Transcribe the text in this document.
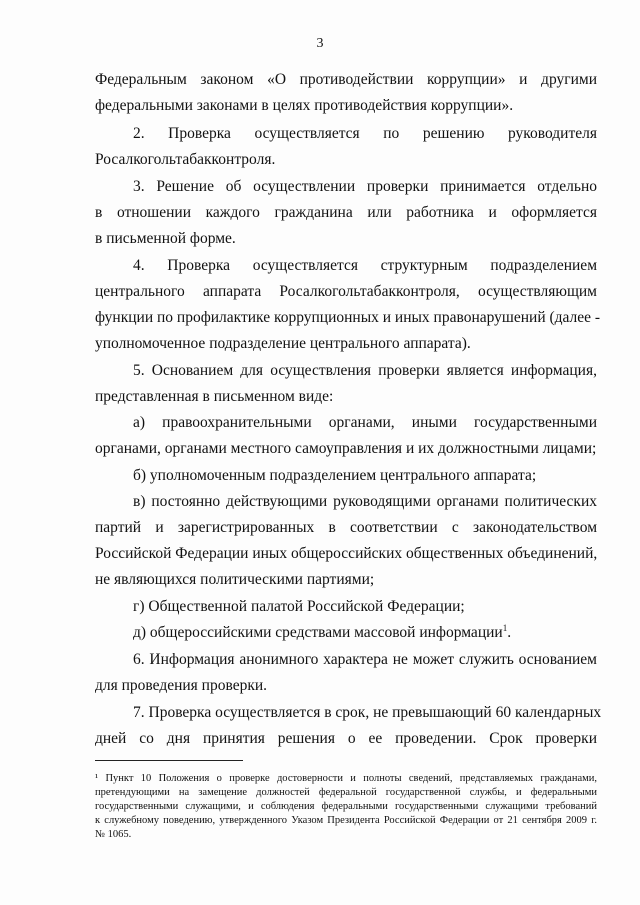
3
Федеральным законом «О противодействии коррупции» и другими
федеральными законами в целях противодействия коррупции».
2. Проверка осуществляется по решению руководителя
Росалкогольтабакконтроля.
3. Решение об осуществлении проверки принимается отдельно
в отношении каждого гражданина или работника и оформляется
в письменной форме.
4. Проверка осуществляется структурным подразделением
центрального аппарата Росалкогольтабакконтроля, осуществляющим
функции по профилактике коррупционных и иных правонарушений (далее -
уполномоченное подразделение центрального аппарата).
5. Основанием для осуществления проверки является информация,
представленная в письменном виде:
а) правоохранительными органами, иными государственными
органами, органами местного самоуправления и их должностными лицами;
б) уполномоченным подразделением центрального аппарата;
в) постоянно действующими руководящими органами политических
партий и зарегистрированных в соответствии с законодательством
Российской Федерации иных общероссийских общественных объединений,
не являющихся политическими партиями;
г) Общественной палатой Российской Федерации;
д) общероссийскими средствами массовой информации$^1$.
6. Информация анонимного характера не может служить основанием
для проведения проверки.
7. Проверка осуществляется в срок, не превышающий 60 календарных
дней со дня принятия решения о ее проведении. Срок проверки
¹ Пункт 10 Положения о проверке достоверности и полноты сведений, представляемых гражданами,
претендующими на замещение должностей федеральной государственной службы, и федеральными
государственными служащими, и соблюдения федеральными государственными служащими требований
к служебному поведению, утвержденного Указом Президента Российской Федерации от 21 сентября 2009 г.
№ 1065.
